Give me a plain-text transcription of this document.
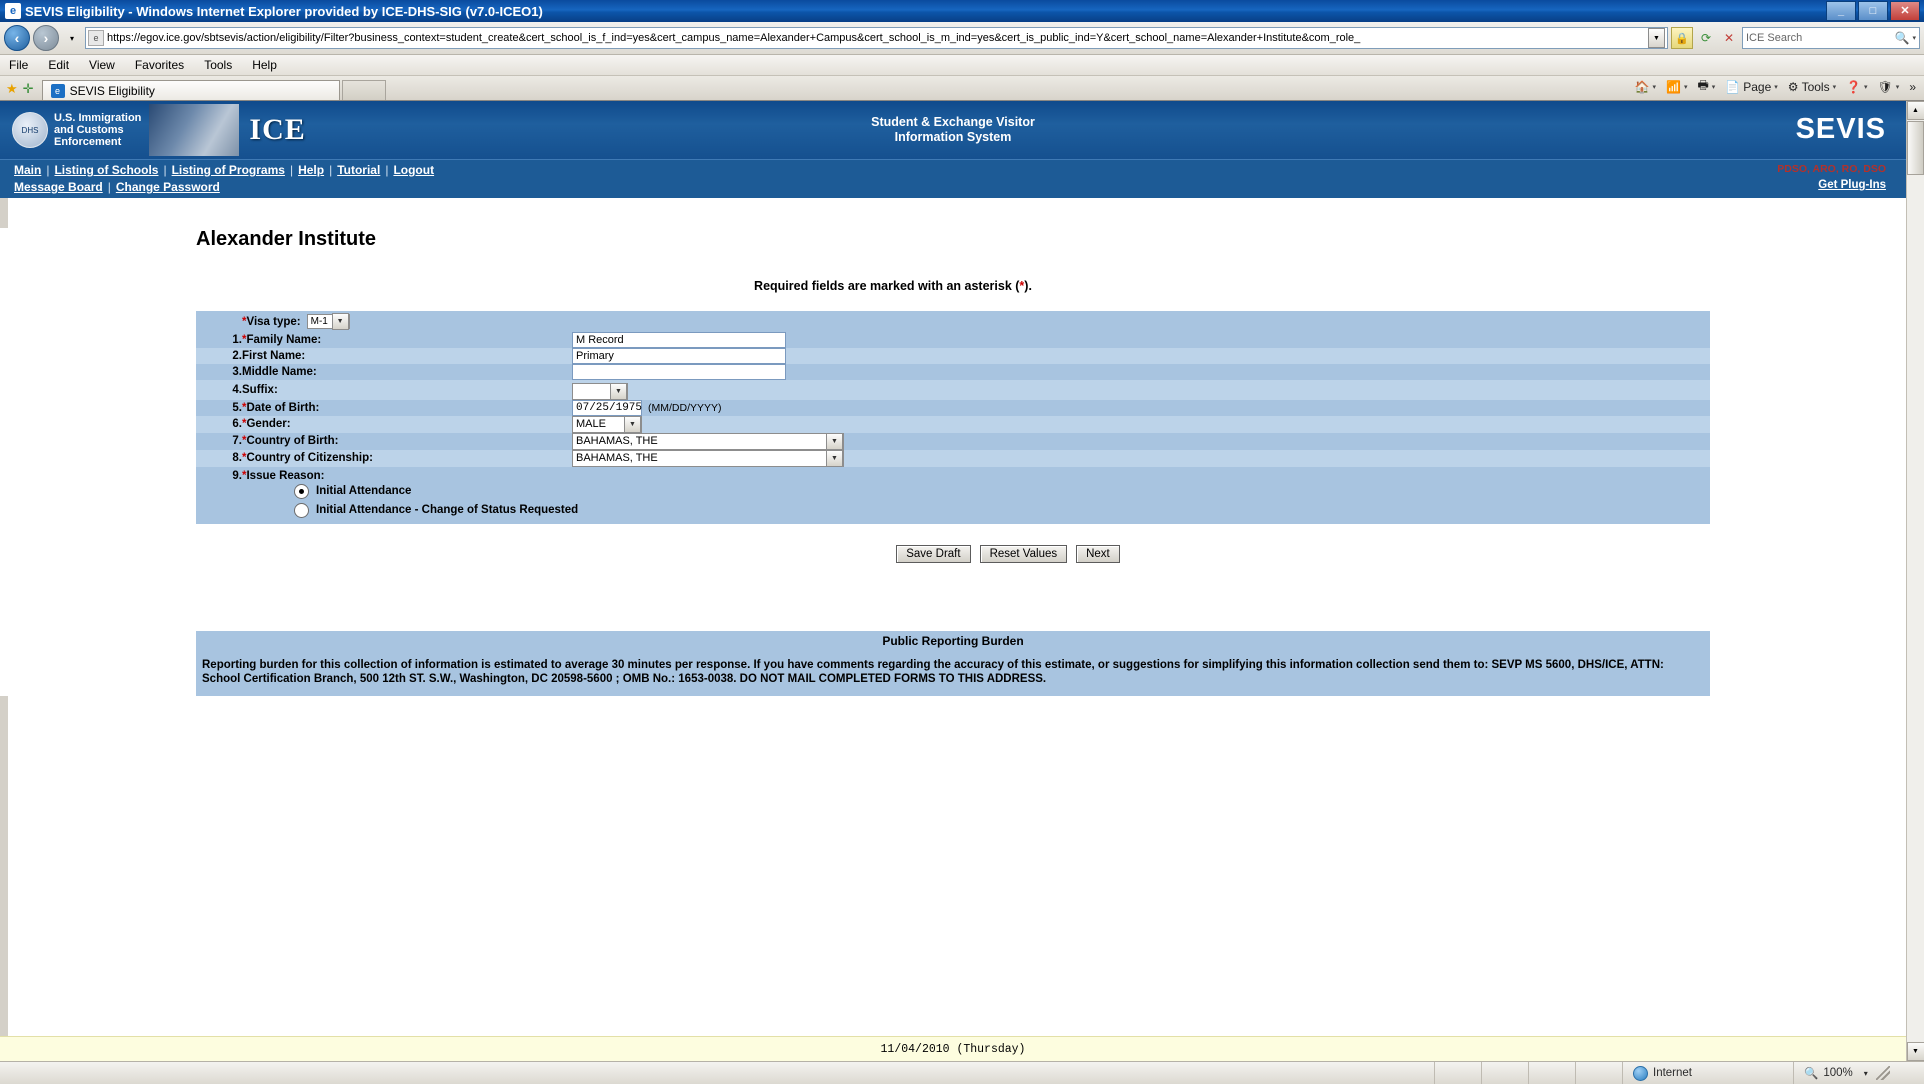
e SEVIS Eligibility - Windows Internet Explorer provided by ICE-DHS-SIG (v7.0-ICEO1)	_	□	✕
‹	›	▾	e https://egov.ice.gov/sbtsevis/action/eligibility/Filter?business_context=student_create&cert_school_is_f_ind=yes&cert_campus_name=Alexander+Campus&cert_school_is_m_ind=yes&cert_is_public_ind=Y&cert_school_name=Alexander+Institute&com_role_	▼	🔒	⟳	✕	ICE Search	🔍 ▾
File Edit View Favorites Tools Help
★ ✛	e SEVIS Eligibility	🏠 ▾ 📶 ▾ 🖶 ▾ 📄 Page ▾ ⚙ Tools ▾ ❓ ▾ 🛡 ▾ »
DHS
U.S. Immigration
and Customs
Enforcement	ICE	Student & Exchange Visitor
Information System	SEVIS
Main | Listing of Schools | Listing of Programs | Help | Tutorial | Logout
Message Board | Change Password
PDSO, ARO, RO, DSO
Get Plug-Ins
Alexander Institute
Required fields are marked with an asterisk (*).

	*Visa type: M-1 ▼	

1.	*Family Name:	M Record

2.	First Name:	Primary

3.	Middle Name:	

4.	Suffix:	▼

5.	*Date of Birth:	07/25/1975 (MM/DD/YYYY)

6.	*Gender:	MALE ▼

7.	*Country of Birth:	BAHAMAS, THE ▼

8.	*Country of Citizenship:	BAHAMAS, THE ▼

9.	*Issue Reason:
Initial Attendance
Initial Attendance - Change of Status Requested	
Save Draft	Reset Values	Next
Public Reporting Burden
Reporting burden for this collection of information is estimated to average 30 minutes per response. If you have comments regarding the accuracy of this estimate, or suggestions for simplifying this information collection send them to: SEVP MS 5600, DHS/ICE, ATTN: School Certification Branch, 500 12th ST. S.W., Washington, DC 20598-5600 ; OMB No.: 1653-0038. DO NOT MAIL COMPLETED FORMS TO THIS ADDRESS.
11/04/2010 (Thursday)
▲
▼
Internet	🔍 100% ▾
